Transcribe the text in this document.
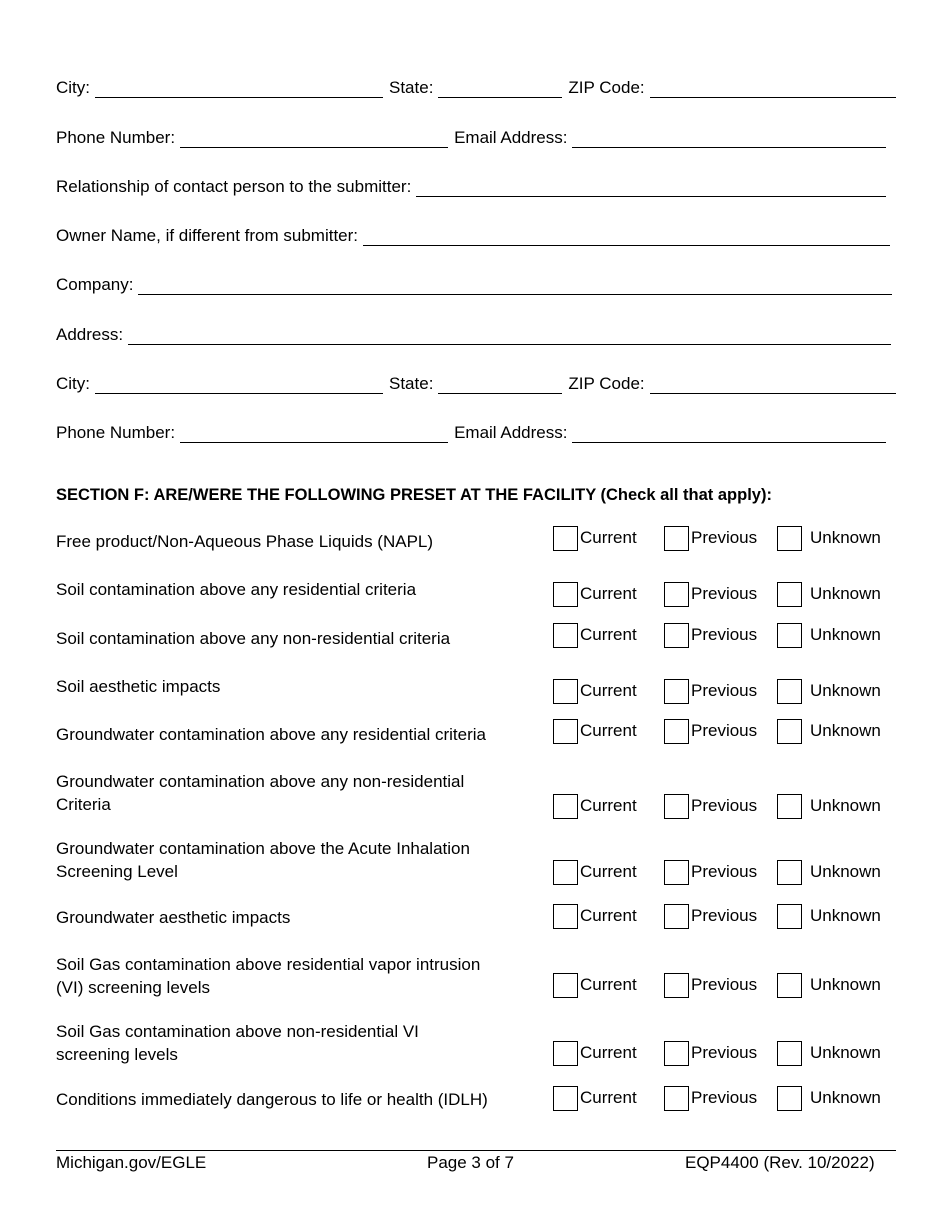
City:	State:	ZIP Code:
Phone Number:	Email Address:
Relationship of contact person to the submitter:
Owner Name, if different from submitter:
Company:
Address:
City:	State:	ZIP Code:
Phone Number:	Email Address:
SECTION F: ARE/WERE THE FOLLOWING PRESET AT THE FACILITY (Check all that apply):
Free product/Non-Aqueous Phase Liquids (NAPL)	Current	Previous	Unknown
Soil contamination above any residential criteria	Current	Previous	Unknown
Soil contamination above any non-residential criteria	Current	Previous	Unknown
Soil aesthetic impacts	Current	Previous	Unknown
Groundwater contamination above any residential criteria	Current	Previous	Unknown
Groundwater contamination above any non-residential
Criteria	Current	Previous	Unknown
Groundwater contamination above the Acute Inhalation
Screening Level	Current	Previous	Unknown
Groundwater aesthetic impacts	Current	Previous	Unknown
Soil Gas contamination above residential vapor intrusion
(VI) screening levels	Current	Previous	Unknown
Soil Gas contamination above non-residential VI
screening levels	Current	Previous	Unknown
Conditions immediately dangerous to life or health (IDLH)	Current	Previous	Unknown
Michigan.gov/EGLE	Page 3 of 7	EQP4400 (Rev. 10/2022)
